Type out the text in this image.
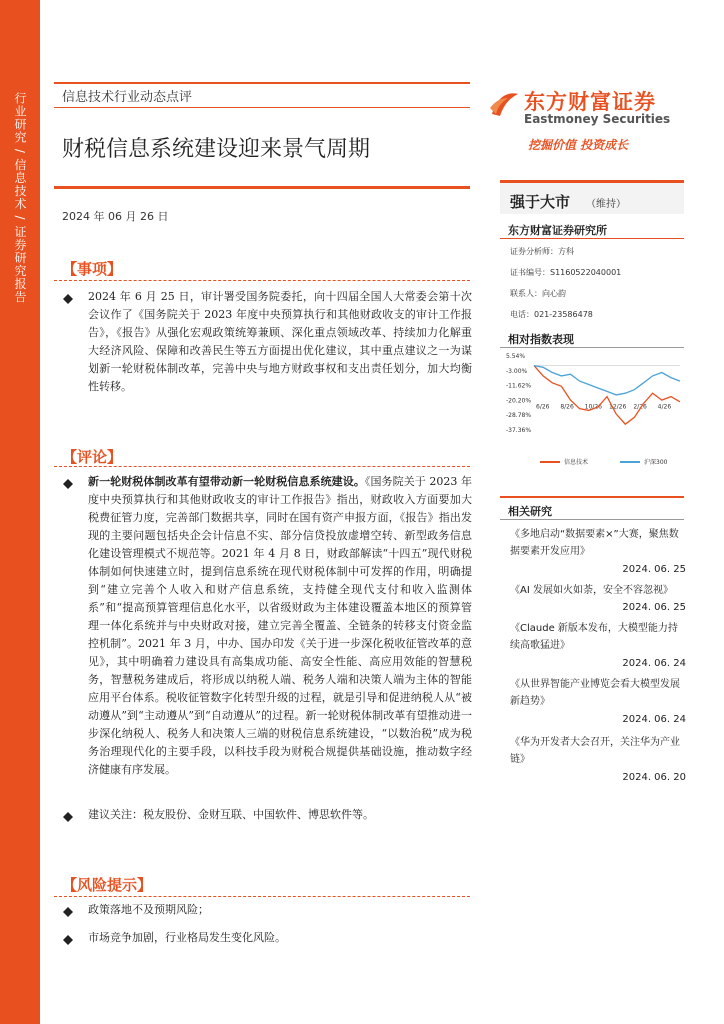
行业研究 / 信息技术 / 证券研究报告	信息技术行业动态点评
财税信息系统建设迎来景气周期
2024 年 06 月 26 日
东方财富证券
Eastmoney Securities
挖掘价值 投资成长
强于大市 （维持）
东方财富证券研究所
证券分析师：方科
证书编号：S1160522040001
联系人：向心韵
电话：021-23586478
相对指数表现
5.54%
-3.00%
-11.62%
-20.20%
-28.78%
-37.36%
6/26 8/26 10/26 12/26 2/26 4/26
信息技术	沪深300
相关研究
《多地启动“数据要素×”大赛，聚焦数据要素开发应用》
2024. 06. 25
《AI 发展如火如荼，安全不容忽视》
2024. 06. 25
《Claude 新版本发布，大模型能力持续高歌猛进》
2024. 06. 24
《从世界智能产业博览会看大模型发展新趋势》
2024. 06. 24
《华为开发者大会召开，关注华为产业链》
2024. 06. 20
【事项】
2024 年 6 月 25 日，审计署受国务院委托，向十四届全国人大常委会第十次会议作了《国务院关于 2023 年度中央预算执行和其他财政收支的审计工作报告》，《报告》从强化宏观政策统筹兼顾、深化重点领域改革、持续加力化解重大经济风险、保障和改善民生等五方面提出优化建议，其中重点建议之一为谋划新一轮财税体制改革，完善中央与地方财政事权和支出责任划分，加大均衡性转移。
【评论】
新一轮财税体制改革有望带动新一轮财税信息系统建设。《国务院关于 2023 年度中央预算执行和其他财政收支的审计工作报告》指出，财政收入方面要加大税费征管力度，完善部门数据共享，同时在国有资产申报方面，《报告》指出发现的主要问题包括央企会计信息不实、部分信贷投放虚增空转、新型政务信息化建设管理模式不规范等。2021 年 4 月 8 日，财政部解读“十四五”现代财税体制如何快速建立时，提到信息系统在现代财税体制中可发挥的作用，明确提到“建立完善个人收入和财产信息系统，支持健全现代支付和收入监测体系”和“提高预算管理信息化水平，以省级财政为主体建设覆盖本地区的预算管理一体化系统并与中央财政对接，建立完善全覆盖、全链条的转移支付资金监控机制”。2021 年 3 月，中办、国办印发《关于进一步深化税收征管改革的意见》，其中明确着力建设具有高集成功能、高安全性能、高应用效能的智慧税务，智慧税务建成后，将形成以纳税人端、税务人端和决策人端为主体的智能应用平台体系。税收征管数字化转型升级的过程，就是引导和促进纳税人从“被动遵从”到“主动遵从”到“自动遵从”的过程。新一轮财税体制改革有望推动进一步深化纳税人、税务人和决策人三端的财税信息系统建设，“以数治税”成为税务治理现代化的主要手段，以科技手段为财税合规提供基础设施，推动数字经济健康有序发展。
建议关注：税友股份、金财互联、中国软件、博思软件等。
【风险提示】
政策落地不及预期风险；
市场竞争加剧，行业格局发生变化风险。
